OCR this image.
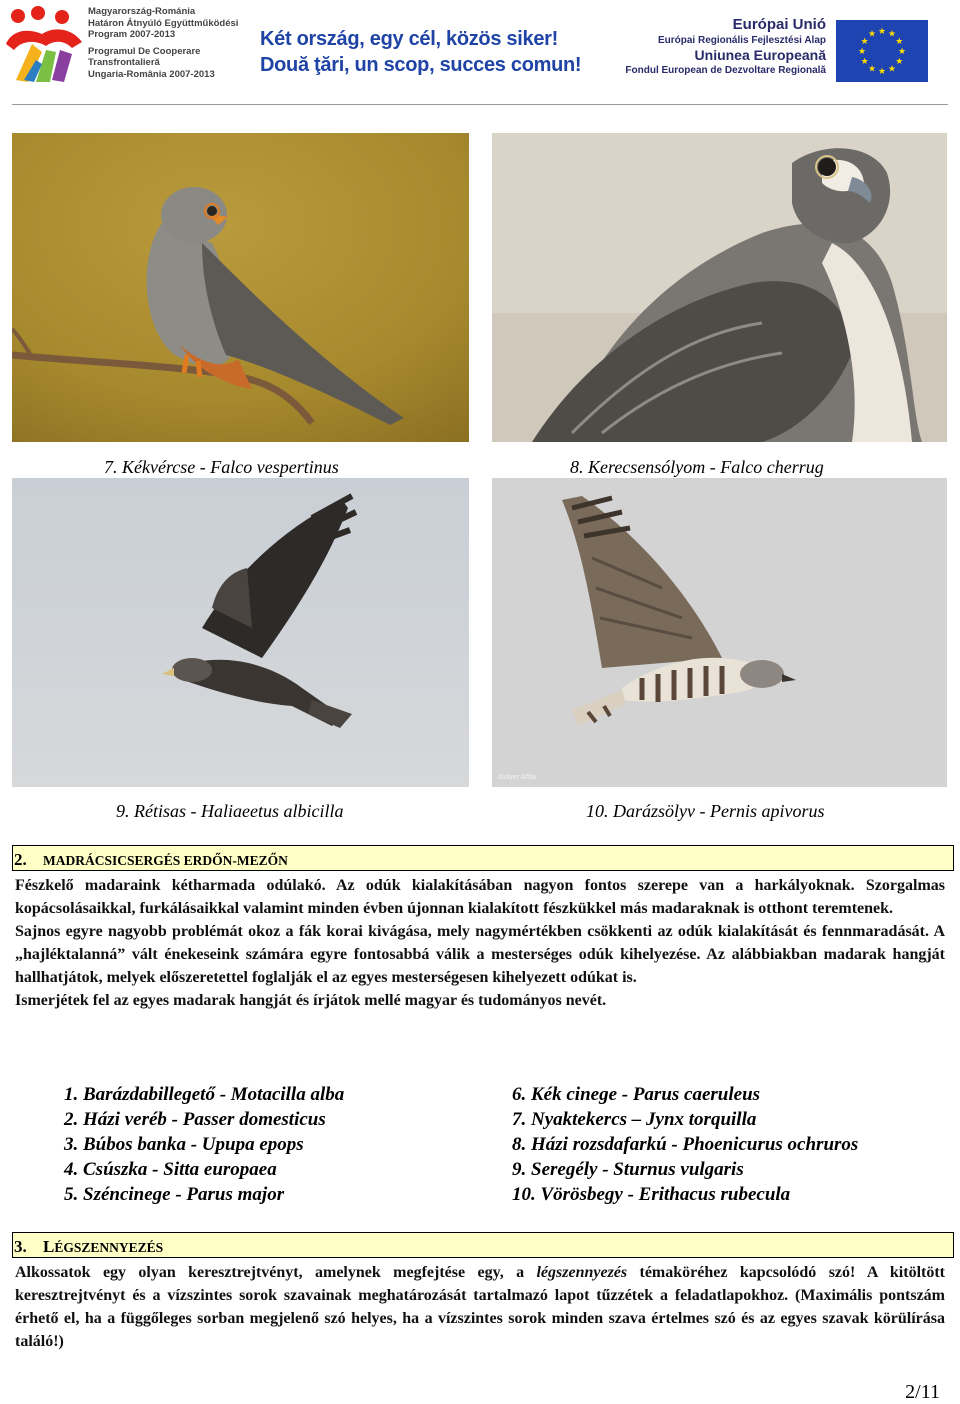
Magyarország-Románia
Határon Átnyúló Együttműködési
Program 2007-2013
Programul De Cooperare
Transfrontalieră
Ungaria-România 2007-2013
Két ország, egy cél, közös siker!
Două ţări, un scop, succes comun!
Európai Unió
Európai Regionális Fejlesztési Alap
Uniunea Europeană
Fondul European de Dezvoltare Regională
★
★
★
★
★
★
★
★
★ ★ ★
★
7. Kékvércse - Falco vespertinus	8. Kerecsensólyom - Falco cherrug
Ibolyer Attila
9. Rétisas - Haliaeetus albicilla	10. Darázsölyv - Pernis apivorus
2. MADRÁCSICSERGÉS ERDŐN-MEZŐN

Fészkelő madaraink kétharmada odúlakó. Az odúk kialakításában nagyon fontos szerepe van a harkályoknak. Szorgalmas kopácsolásaikkal, furkálásaikkal valamint minden évben újonnan kialakított fészkükkel más madaraknak is otthont teremtenek.

Sajnos egyre nagyobb problémát okoz a fák korai kivágása, mely nagymértékben csökkenti az odúk kialakítását és fennmaradását. A „hajléktalanná” vált énekeseink számára egyre fontosabbá válik a mesterséges odúk kihelyezése. Az alábbiakban madarak hangját hallhatjátok, melyek előszeretettel foglalják el az egyes mesterségesen kihelyezett odúkat is.

Ismerjétek fel az egyes madarak hangját és írjátok mellé magyar és tudományos nevét.

1. Barázdabillegető - Motacilla alba
2. Házi veréb - Passer domesticus
3. Búbos banka - Upupa epops
4. Csúszka - Sitta europaea
5. Széncinege - Parus major
6. Kék cinege - Parus caeruleus
7. Nyaktekercs – Jynx torquilla
8. Házi rozsdafarkú - Phoenicurus ochruros
9. Seregély - Sturnus vulgaris
10. Vörösbegy - Erithacus rubecula
3. LÉGSZENNYEZÉS

Alkossatok egy olyan keresztrejtvényt, amelynek megfejtése egy, a légszennyezés témaköréhez kapcsolódó szó! A kitöltött keresztrejtvényt és a vízszintes sorok szavainak meghatározását tartalmazó lapot tűzzétek a feladatlapokhoz. (Maximális pontszám érhető el, ha a függőleges sorban megjelenő szó helyes, ha a vízszintes sorok minden szava értelmes szó és az egyes szavak körülírása találó!)

2/11
